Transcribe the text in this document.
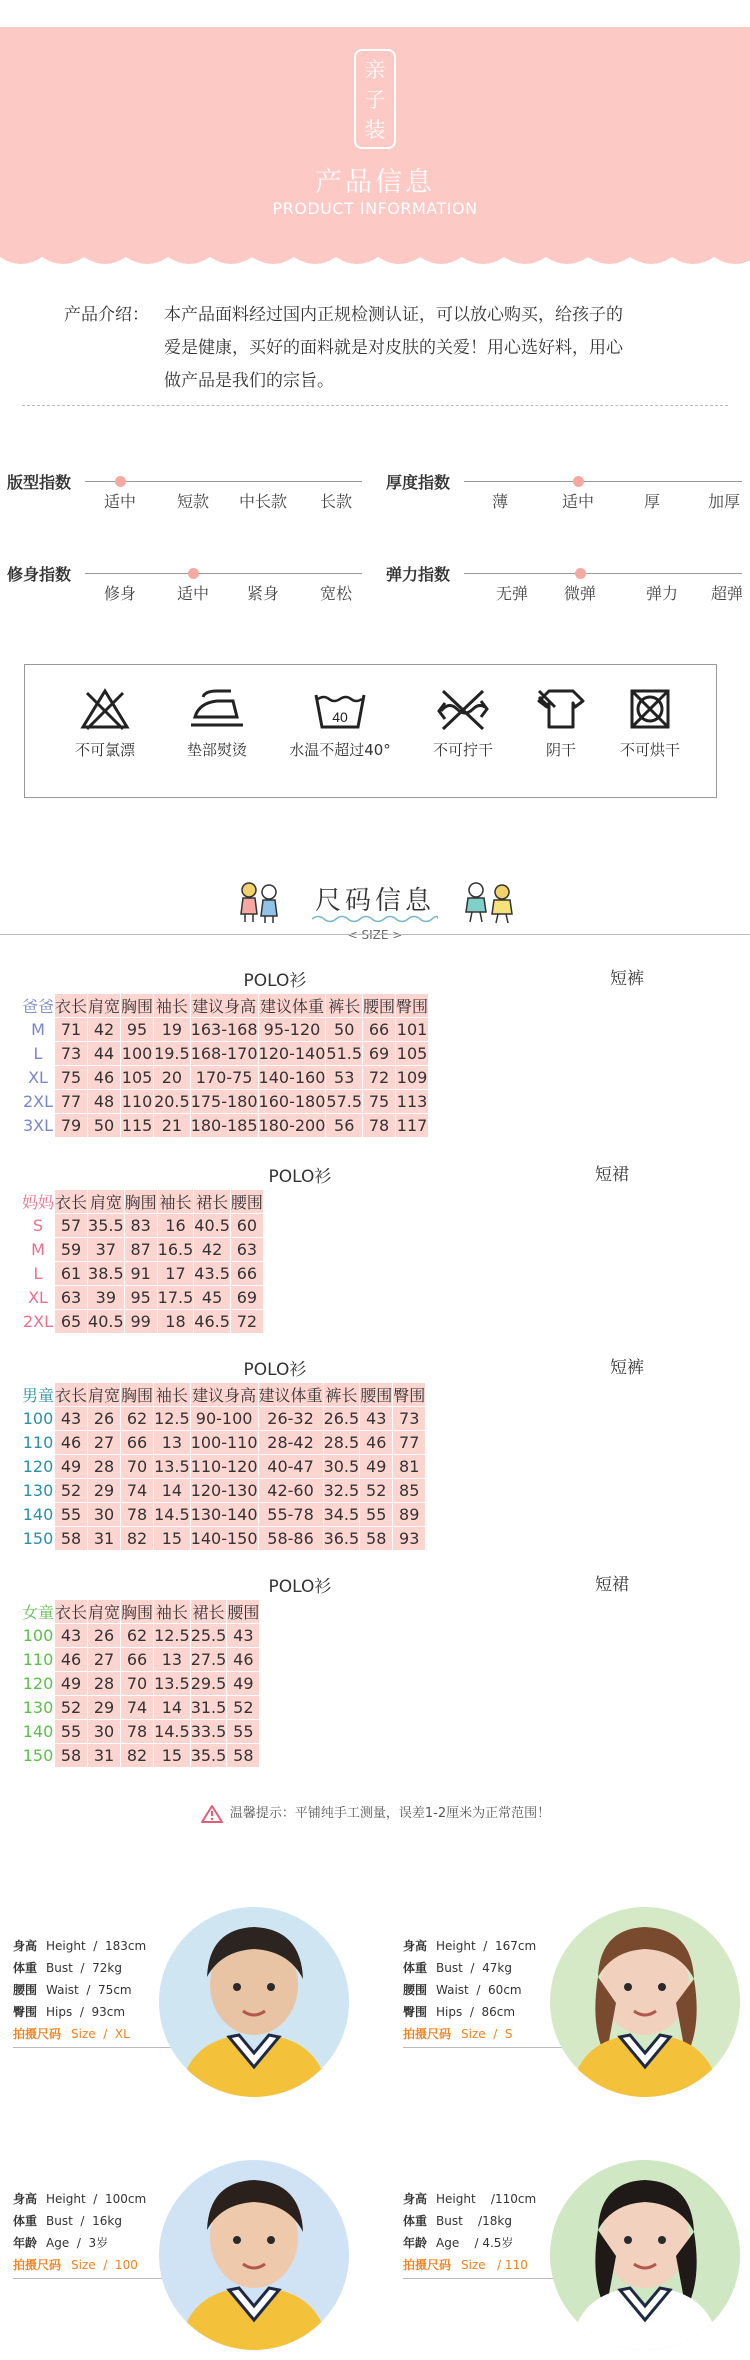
亲
子
装
产品信息
PRODUCT INFORMATION
产品介绍： 本产品面料经过国内正规检测认证，可以放心购买，给孩子的
爱是健康，买好的面料就是对皮肤的关爱！用心选好料，用心
做产品是我们的宗旨。
版型指数
适中	短款 中长款 长款
厚度指数
薄	适中	厚	加厚
修身指数
修身	适中 紧身	宽松
弹力指数
无弹 微弹	弹力 超弹
不可氯漂	垫部熨烫
40
水温不超过40°	不可拧干	阴干	不可烘干
尺码信息
< SIZE >
POLO衫	短裤
爸爸	衣长	肩宽	胸围	袖长	建议身高	建议体重		裤长	腰围	臀围
M	71	42	95	19	163-168	95-120		50	66	101
L	73	44	100	19.5	168-170	120-140		51.5	69	105
XL	75	46	105	20	170-75	140-160		53	72	109
2XL	77	48	110	20.5	175-180	160-180		57.5	75	113
3XL	79	50	115	21	180-185	180-200		56	78	117
POLO衫	短裙
妈妈	衣长	肩宽	胸围	袖长		裙长	腰围
S	57	35.5	83	16		40.5	60
M	59	37	87	16.5		42	63
L	61	38.5	91	17		43.5	66
XL	63	39	95	17.5		45	69
2XL	65	40.5	99	18		46.5	72
POLO衫	短裤
男童	衣长	肩宽	胸围	袖长	建议身高	建议体重		裤长	腰围	臀围
100	43	26	62	12.5	90-100	26-32		26.5	43	73
110	46	27	66	13	100-110	28-42		28.5	46	77
120	49	28	70	13.5	110-120	40-47		30.5	49	81
130	52	29	74	14	120-130	42-60		32.5	52	85
140	55	30	78	14.5	130-140	55-78		34.5	55	89
150	58	31	82	15	140-150	58-86		36.5	58	93
POLO衫	短裙
女童	衣长	肩宽	胸围	袖长		裙长	腰围
100	43	26	62	12.5		25.5	43
110	46	27	66	13		27.5	46
120	49	28	70	13.5		29.5	49
130	52	29	74	14		31.5	52
140	55	30	78	14.5		33.5	55
150	58	31	82	15		35.5	58
温馨提示：平铺纯手工测量，误差1-2厘米为正常范围！
身高 Height  /  183cm
体重 Bust  /  72kg
腰围 Waist  /  75cm
臀围 Hips  /  93cm
拍摄尺码 Size  /  XL
身高 Height  /  167cm
体重 Bust  /  47kg
腰围 Waist  /  60cm
臀围 Hips  /  86cm
拍摄尺码 Size  /  S
身高 Height  /  100cm
体重 Bust  /  16kg
年龄 Age  /  3岁
拍摄尺码 Size  /  100
身高 Height    /110cm
体重 Bust    /18kg
年龄 Age    / 4.5岁
拍摄尺码 Size   / 110
